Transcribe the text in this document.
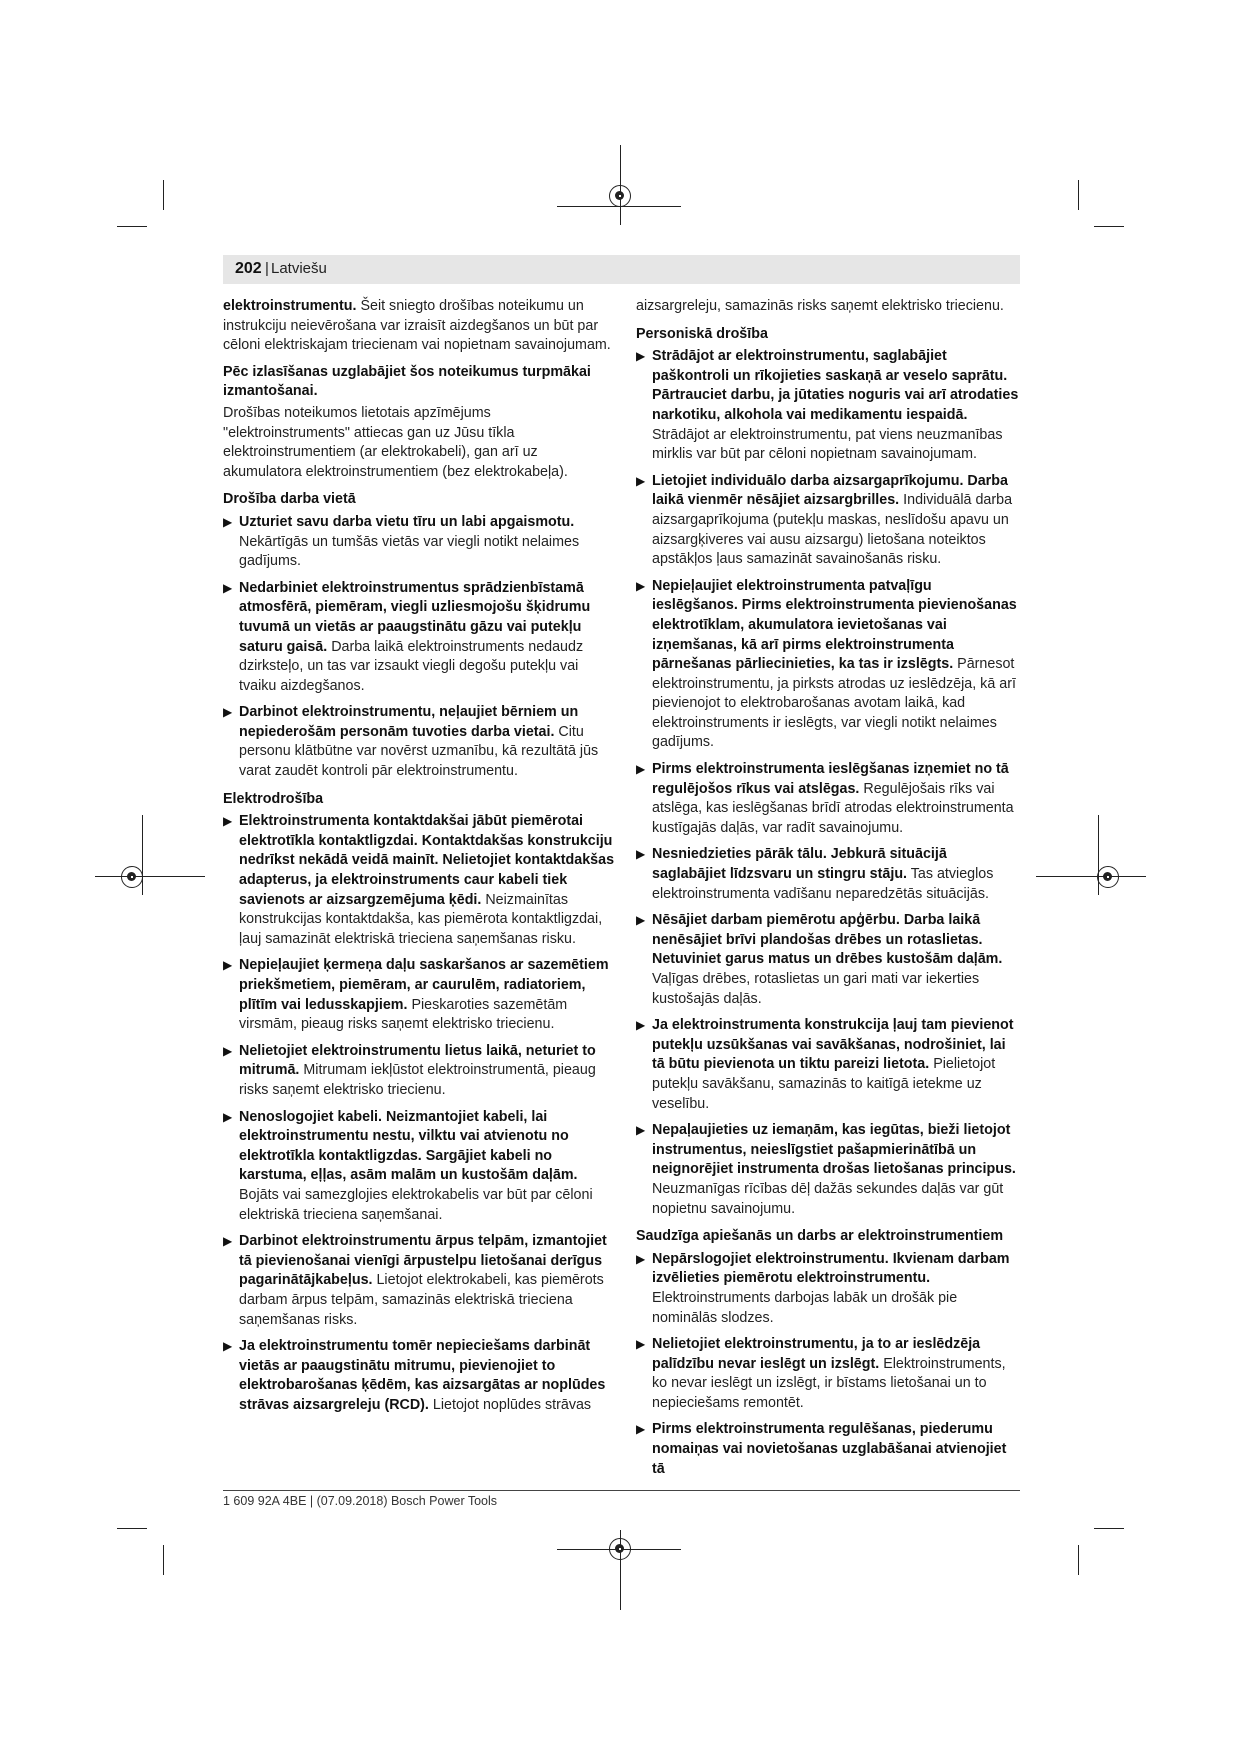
202 | Latviešu

elektroinstrumentu. Šeit sniegto drošības noteikumu un instrukciju neievērošana var izraisīt aizdegšanos un būt par cēloni elektriskajam triecienam vai nopietnam savainojumam.

Pēc izlasīšanas uzglabājiet šos noteikumus turpmākai izmantošanai.

Drošības noteikumos lietotais apzīmējums "elektroinstruments" attiecas gan uz Jūsu tīkla elektroinstrumentiem (ar elektrokabeli), gan arī uz akumulatora elektroinstrumentiem (bez elektrokabeļa).

Drošība darba vietā
▶ Uzturiet savu darba vietu tīru un labi apgaismotu. Nekārtīgās un tumšās vietās var viegli notikt nelaimes gadījums.
▶ Nedarbiniet elektroinstrumentus sprādzienbīstamā atmosfērā, piemēram, viegli uzliesmojošu šķidrumu tuvumā un vietās ar paaugstinātu gāzu vai putekļu saturu gaisā. Darba laikā elektroinstruments nedaudz dzirksteļo, un tas var izsaukt viegli degošu putekļu vai tvaiku aizdegšanos.
▶ Darbinot elektroinstrumentu, neļaujiet bērniem un nepiederošām personām tuvoties darba vietai. Citu personu klātbūtne var novērst uzmanību, kā rezultātā jūs varat zaudēt kontroli pār elektroinstrumentu.
Elektrodrošība
▶ Elektroinstrumenta kontaktdakšai jābūt piemērotai elektrotīkla kontaktligzdai. Kontaktdakšas konstrukciju nedrīkst nekādā veidā mainīt. Nelietojiet kontaktdakšas adapterus, ja elektroinstruments caur kabeli tiek savienots ar aizsargzemējuma ķēdi. Neizmainītas konstrukcijas kontaktdakša, kas piemērota kontaktligzdai, ļauj samazināt elektriskā trieciena saņemšanas risku.
▶ Nepieļaujiet ķermeņa daļu saskaršanos ar sazemētiem priekšmetiem, piemēram, ar caurulēm, radiatoriem, plītīm vai ledusskapjiem. Pieskaroties sazemētām virsmām, pieaug risks saņemt elektrisko triecienu.
▶ Nelietojiet elektroinstrumentu lietus laikā, neturiet to mitrumā. Mitrumam iekļūstot elektroinstrumentā, pieaug risks saņemt elektrisko triecienu.
▶ Nenoslogojiet kabeli. Neizmantojiet kabeli, lai elektroinstrumentu nestu, vilktu vai atvienotu no elektrotīkla kontaktligzdas. Sargājiet kabeli no karstuma, eļļas, asām malām un kustošām daļām. Bojāts vai samezglojies elektrokabelis var būt par cēloni elektriskā trieciena saņemšanai.
▶ Darbinot elektroinstrumentu ārpus telpām, izmantojiet tā pievienošanai vienīgi ārpustelpu lietošanai derīgus pagarinātājkabeļus. Lietojot elektrokabeli, kas piemērots darbam ārpus telpām, samazinās elektriskā trieciena saņemšanas risks.
▶ Ja elektroinstrumentu tomēr nepieciešams darbināt vietās ar paaugstinātu mitrumu, pievienojiet to elektrobarošanas ķēdēm, kas aizsargātas ar noplūdes strāvas aizsargreleju (RCD). Lietojot noplūdes strāvas

aizsargreleju, samazinās risks saņemt elektrisko triecienu.

Personiskā drošība
▶ Strādājot ar elektroinstrumentu, saglabājiet paškontroli un rīkojieties saskaņā ar veselo saprātu. Pārtrauciet darbu, ja jūtaties noguris vai arī atrodaties narkotiku, alkohola vai medikamentu iespaidā. Strādājot ar elektroinstrumentu, pat viens neuzmanības mirklis var būt par cēloni nopietnam savainojumam.
▶ Lietojiet individuālo darba aizsargaprīkojumu. Darba laikā vienmēr nēsājiet aizsargbrilles. Individuālā darba aizsargaprīkojuma (putekļu maskas, neslīdošu apavu un aizsargķiveres vai ausu aizsargu) lietošana noteiktos apstākļos ļaus samazināt savainošanās risku.
▶ Nepieļaujiet elektroinstrumenta patvaļīgu ieslēgšanos. Pirms elektroinstrumenta pievienošanas elektrotīklam, akumulatora ievietošanas vai izņemšanas, kā arī pirms elektroinstrumenta pārnešanas pārliecinieties, ka tas ir izslēgts. Pārnesot elektroinstrumentu, ja pirksts atrodas uz ieslēdzēja, kā arī pievienojot to elektrobarošanas avotam laikā, kad elektroinstruments ir ieslēgts, var viegli notikt nelaimes gadījums.
▶ Pirms elektroinstrumenta ieslēgšanas izņemiet no tā regulējošos rīkus vai atslēgas. Regulējošais rīks vai atslēga, kas ieslēgšanas brīdī atrodas elektroinstrumenta kustīgajās daļās, var radīt savainojumu.
▶ Nesniedzieties pārāk tālu. Jebkurā situācijā saglabājiet līdzsvaru un stingru stāju. Tas atvieglos elektroinstrumenta vadīšanu neparedzētās situācijās.
▶ Nēsājiet darbam piemērotu apģērbu. Darba laikā nenēsājiet brīvi plandošas drēbes un rotaslietas. Netuviniet garus matus un drēbes kustošām daļām. Vaļīgas drēbes, rotaslietas un gari mati var iekerties kustošajās daļās.
▶ Ja elektroinstrumenta konstrukcija ļauj tam pievienot putekļu uzsūkšanas vai savākšanas, nodrošiniet, lai tā būtu pievienota un tiktu pareizi lietota. Pielietojot putekļu savākšanu, samazinās to kaitīgā ietekme uz veselību.
▶ Nepaļaujieties uz iemaņām, kas iegūtas, bieži lietojot instrumentus, neieslīgstiet pašapmierinātībā un neignorējiet instrumenta drošas lietošanas principus. Neuzmanīgas rīcības dēļ dažās sekundes daļās var gūt nopietnu savainojumu.
Saudzīga apiešanās un darbs ar elektroinstrumentiem
▶ Nepārslogojiet elektroinstrumentu. Ikvienam darbam izvēlieties piemērotu elektroinstrumentu. Elektroinstruments darbojas labāk un drošāk pie nominālās slodzes.
▶ Nelietojiet elektroinstrumentu, ja to ar ieslēdzēja palīdzību nevar ieslēgt un izslēgt. Elektroinstruments, ko nevar ieslēgt un izslēgt, ir bīstams lietošanai un to nepieciešams remontēt.
▶ Pirms elektroinstrumenta regulēšanas, piederumu nomaiņas vai novietošanas uzglabāšanai atvienojiet tā
1 609 92A 4BE | (07.09.2018) Bosch Power Tools
